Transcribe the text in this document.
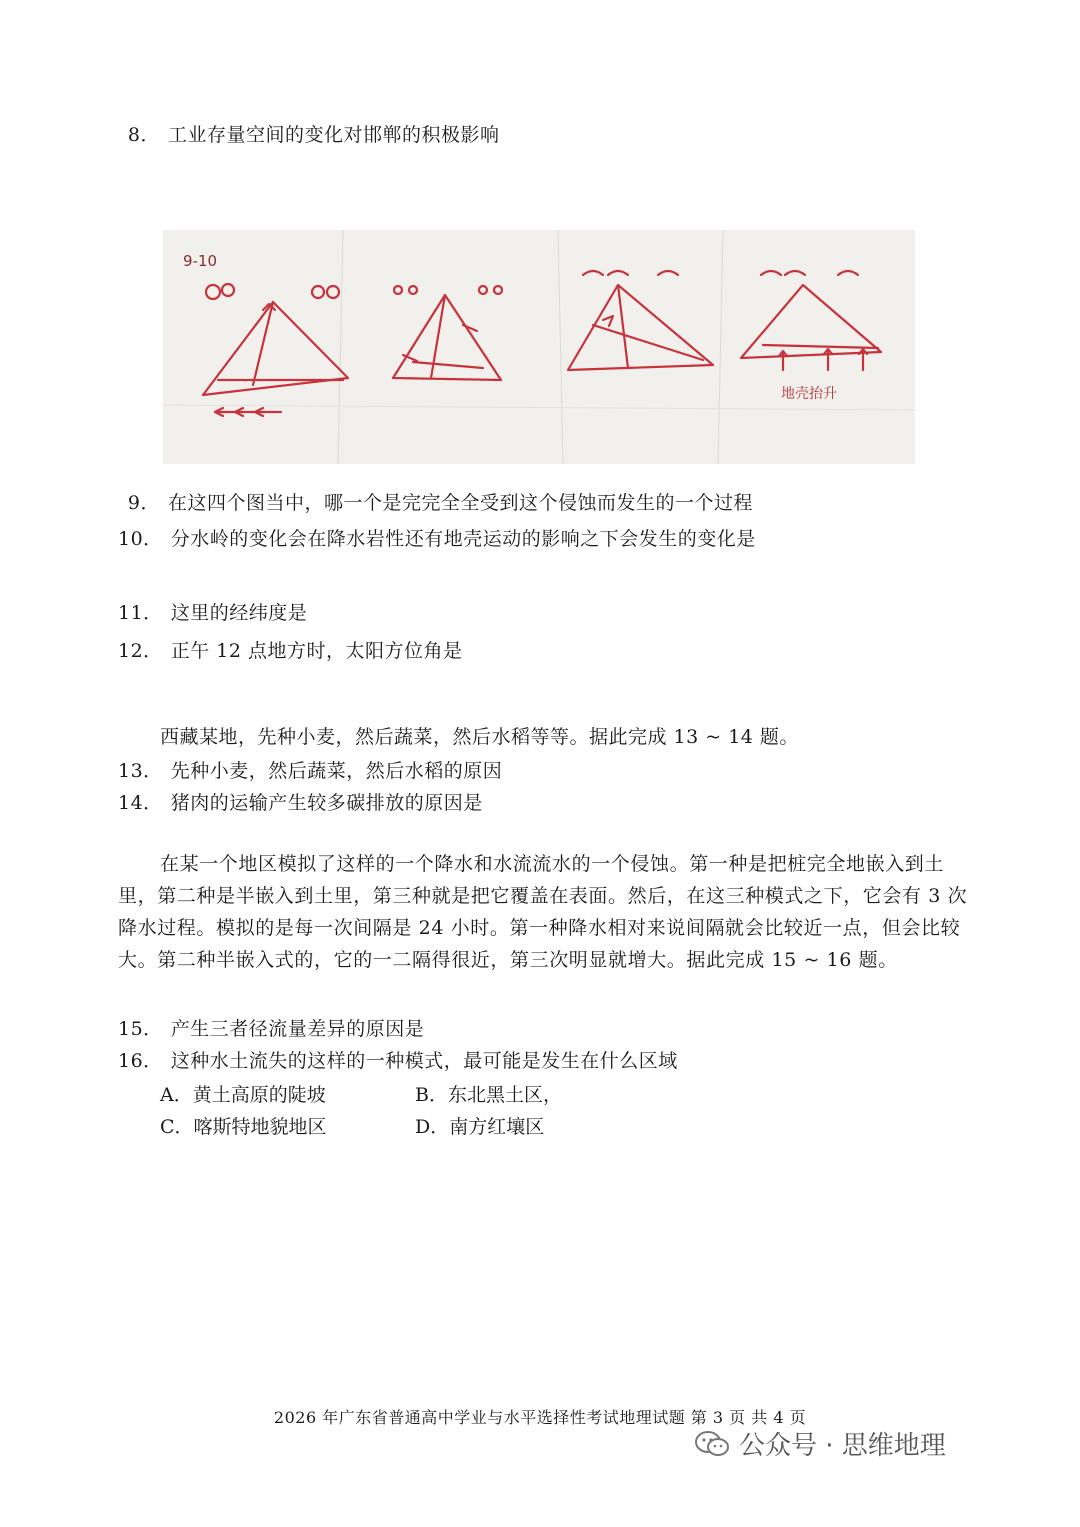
8． 工业存量空间的变化对邯郸的积极影响
9-10
地壳抬升
9． 在这四个图当中，哪一个是完完全全受到这个侵蚀而发生的一个过程
10． 分水岭的变化会在降水岩性还有地壳运动的影响之下会发生的变化是
11． 这里的经纬度是
12． 正午 12 点地方时，太阳方位角是
西藏某地，先种小麦，然后蔬菜，然后水稻等等。据此完成 13 ~ 14 题。
13． 先种小麦，然后蔬菜，然后水稻的原因
14． 猪肉的运输产生较多碳排放的原因是
在某一个地区模拟了这样的一个降水和水流流水的一个侵蚀。第一种是把桩完全地嵌入到土里，第二种是半嵌入到土里，第三种就是把它覆盖在表面。然后，在这三种模式之下，它会有 3 次降水过程。模拟的是每一次间隔是 24 小时。第一种降水相对来说间隔就会比较近一点，但会比较大。第二种半嵌入式的，它的一二隔得很近，第三次明显就增大。据此完成 15 ~ 16 题。
15． 产生三者径流量差异的原因是
16． 这种水土流失的这样的一种模式，最可能是发生在什么区域
A．黄土高原的陡坡	B．东北黑土区，
C．喀斯特地貌地区	D．南方红壤区
2026 年广东省普通高中学业与水平选择性考试地理试题 第 3 页 共 4 页
公众号 · 思维地理
